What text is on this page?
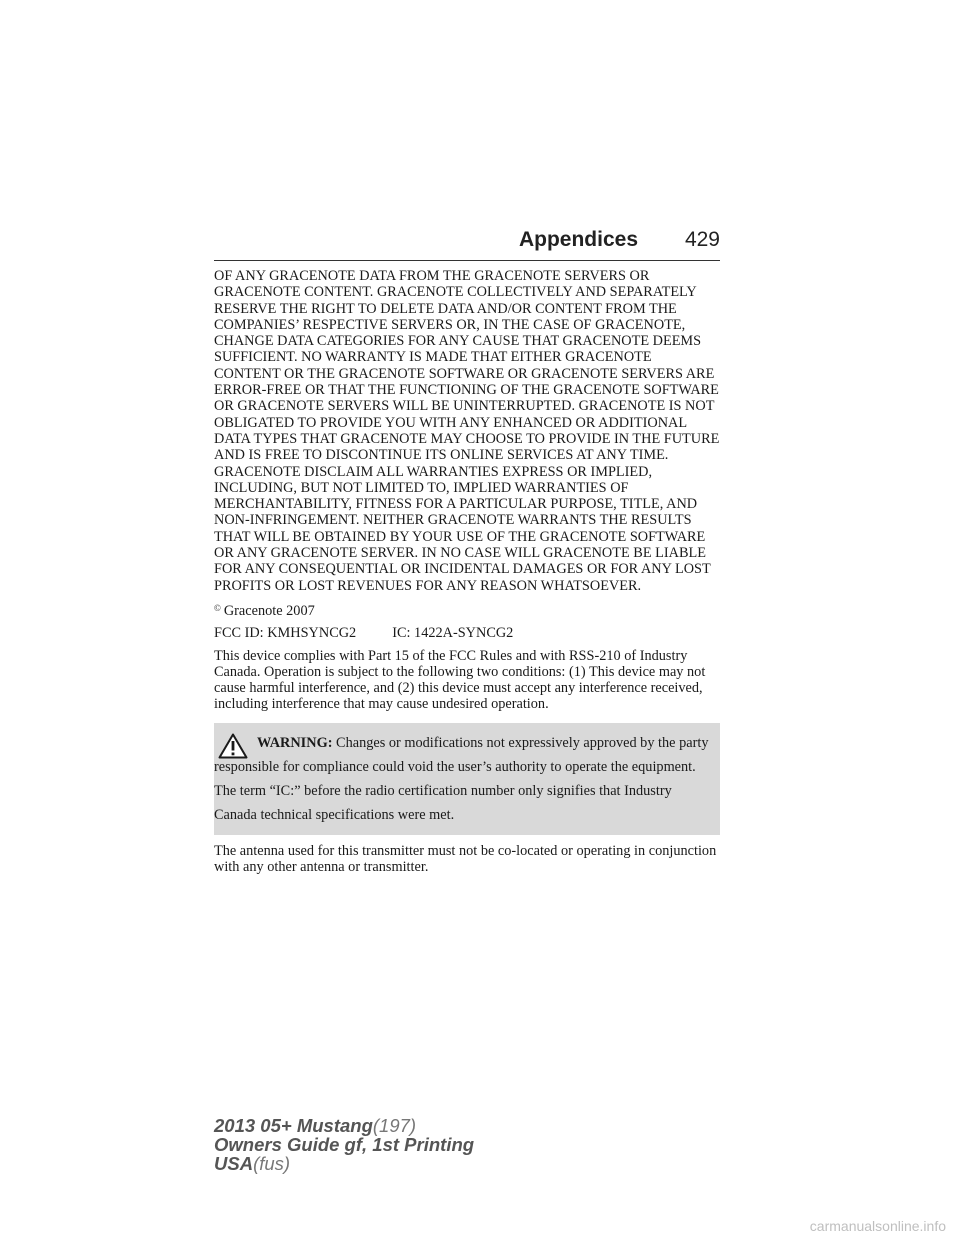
Appendices 429

OF ANY GRACENOTE DATA FROM THE GRACENOTE SERVERS OR GRACENOTE CONTENT. GRACENOTE COLLECTIVELY AND SEPARATELY RESERVE THE RIGHT TO DELETE DATA AND/OR CONTENT FROM THE COMPANIES’ RESPECTIVE SERVERS OR, IN THE CASE OF GRACENOTE, CHANGE DATA CATEGORIES FOR ANY CAUSE THAT GRACENOTE DEEMS SUFFICIENT. NO WARRANTY IS MADE THAT EITHER GRACENOTE CONTENT OR THE GRACENOTE SOFTWARE OR GRACENOTE SERVERS ARE ERROR-FREE OR THAT THE FUNCTIONING OF THE GRACENOTE SOFTWARE OR GRACENOTE SERVERS WILL BE UNINTERRUPTED. GRACENOTE IS NOT OBLIGATED TO PROVIDE YOU WITH ANY ENHANCED OR ADDITIONAL DATA TYPES THAT GRACENOTE MAY CHOOSE TO PROVIDE IN THE FUTURE AND IS FREE TO DISCONTINUE ITS ONLINE SERVICES AT ANY TIME. GRACENOTE DISCLAIM ALL WARRANTIES EXPRESS OR IMPLIED, INCLUDING, BUT NOT LIMITED TO, IMPLIED WARRANTIES OF MERCHANTABILITY, FITNESS FOR A PARTICULAR PURPOSE, TITLE, AND NON-INFRINGEMENT. NEITHER GRACENOTE WARRANTS THE RESULTS THAT WILL BE OBTAINED BY YOUR USE OF THE GRACENOTE SOFTWARE OR ANY GRACENOTE SERVER. IN NO CASE WILL GRACENOTE BE LIABLE FOR ANY CONSEQUENTIAL OR INCIDENTAL DAMAGES OR FOR ANY LOST PROFITS OR LOST REVENUES FOR ANY REASON WHATSOEVER.

© Gracenote 2007

FCC ID: KMHSYNCG2	IC: 1422A-SYNCG2

This device complies with Part 15 of the FCC Rules and with RSS-210 of Industry Canada. Operation is subject to the following two conditions: (1) This device may not cause harmful interference, and (2) this device must accept any interference received, including interference that may cause undesired operation.

WARNING: Changes or modifications not expressively approved by the party responsible for compliance could void the user’s authority to operate the equipment. The term “IC:” before the radio certification number only signifies that Industry Canada technical specifications were met.

The antenna used for this transmitter must not be co-located or operating in conjunction with any other antenna or transmitter.

2013 05+ Mustang(197)
Owners Guide gf, 1st Printing
USA(fus)
carmanualsonline.info
